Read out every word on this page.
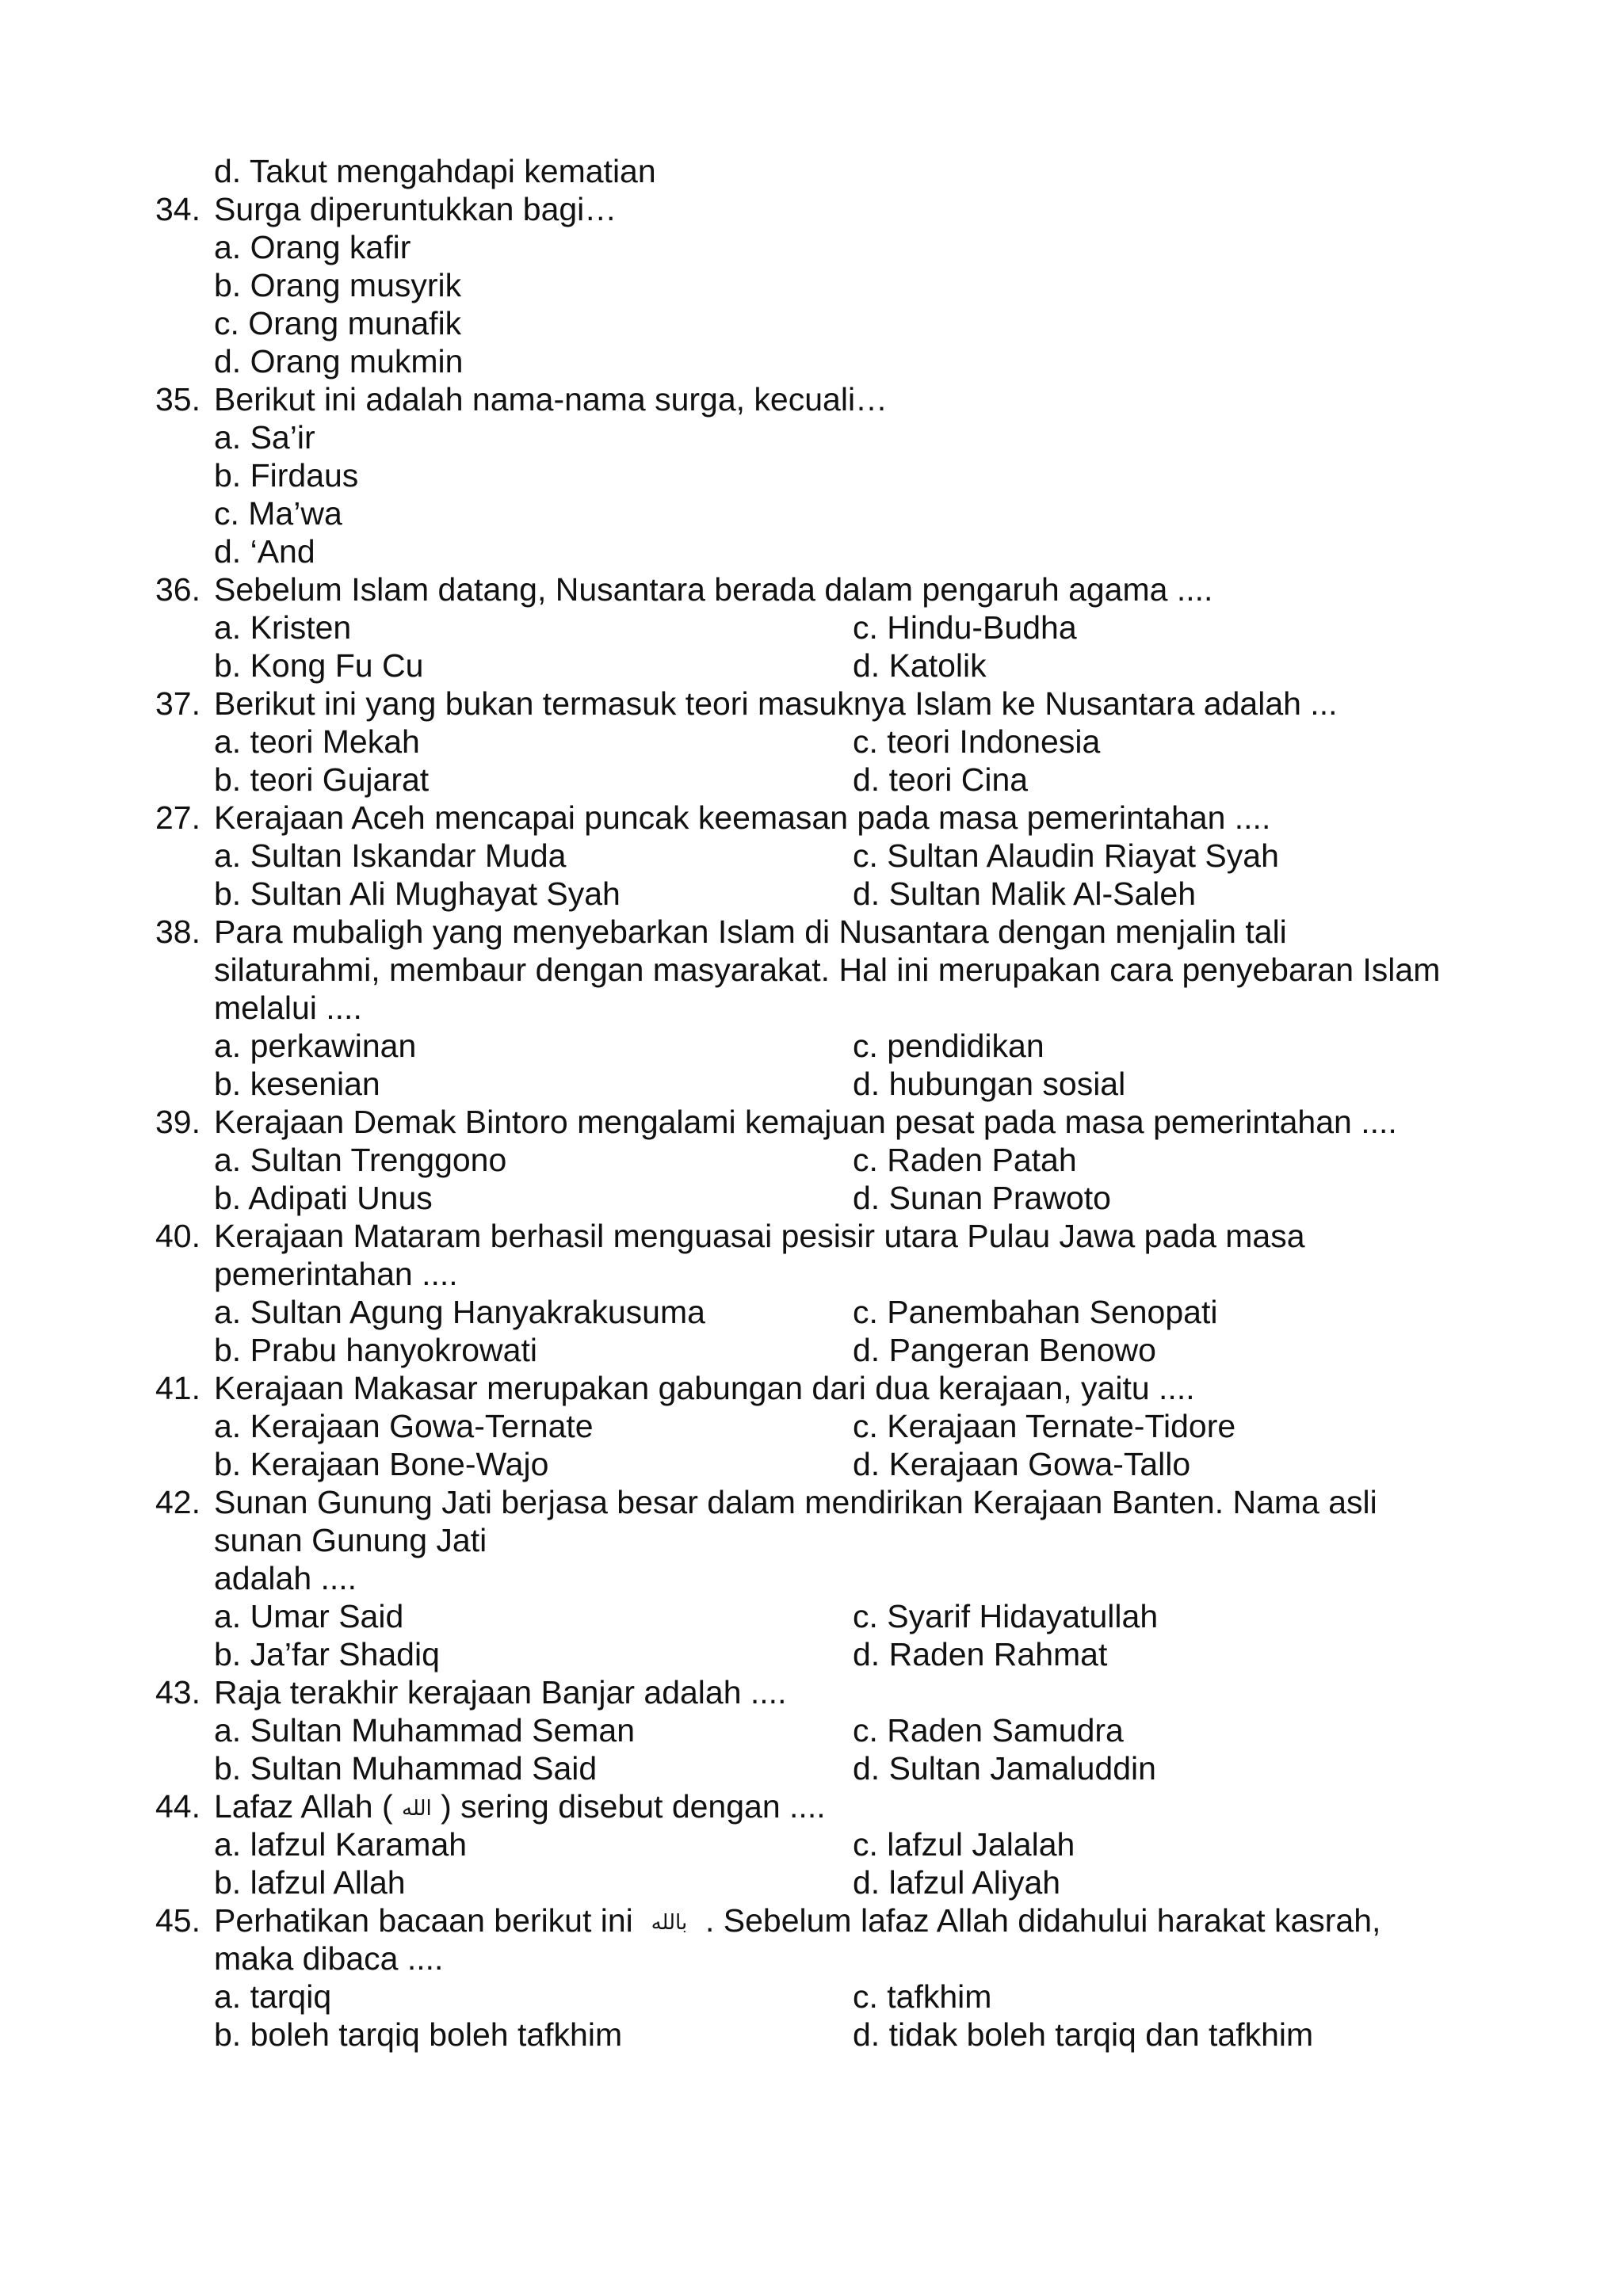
d. Takut mengahdapi kematian
34. Surga diperuntukkan bagi…
a. Orang kafir
b. Orang musyrik
c. Orang munafik
d. Orang mukmin
35. Berikut ini adalah nama-nama surga, kecuali…
a. Sa’ir
b. Firdaus
c. Ma’wa
d. ‘And
36. Sebelum Islam datang, Nusantara berada dalam pengaruh agama ....
a. Kristen	c. Hindu-Budha
b. Kong Fu Cu	d. Katolik
37. Berikut ini yang bukan termasuk teori masuknya Islam ke Nusantara adalah ...
a. teori Mekah	c. teori Indonesia
b. teori Gujarat	d. teori Cina
27. Kerajaan Aceh mencapai puncak keemasan pada masa pemerintahan ....
a. Sultan Iskandar Muda	c. Sultan Alaudin Riayat Syah
b. Sultan Ali Mughayat Syah	d. Sultan Malik Al-Saleh
38. Para mubaligh yang menyebarkan Islam di Nusantara dengan menjalin tali
silaturahmi, membaur dengan masyarakat. Hal ini merupakan cara penyebaran Islam
melalui ....
a. perkawinan	c. pendidikan
b. kesenian	d. hubungan sosial
39. Kerajaan Demak Bintoro mengalami kemajuan pesat pada masa pemerintahan ....
a. Sultan Trenggono	c. Raden Patah
b. Adipati Unus	d. Sunan Prawoto
40. Kerajaan Mataram berhasil menguasai pesisir utara Pulau Jawa pada masa
pemerintahan ....
a. Sultan Agung Hanyakrakusuma	c. Panembahan Senopati
b. Prabu hanyokrowati	d. Pangeran Benowo
41. Kerajaan Makasar merupakan gabungan dari dua kerajaan, yaitu ....
a. Kerajaan Gowa-Ternate	c. Kerajaan Ternate-Tidore
b. Kerajaan Bone-Wajo	d. Kerajaan Gowa-Tallo
42. Sunan Gunung Jati berjasa besar dalam mendirikan Kerajaan Banten. Nama asli
sunan Gunung Jati
adalah ....
a. Umar Said	c. Syarif Hidayatullah
b. Ja’far Shadiq	d. Raden Rahmat
43. Raja terakhir kerajaan Banjar adalah ....
a. Sultan Muhammad Seman	c. Raden Samudra
b. Sultan Muhammad Said	d. Sultan Jamaluddin
44. Lafaz Allah ( الله ) sering disebut dengan ....
a. lafzul Karamah	c. lafzul Jalalah
b. lafzul Allah	d. lafzul Aliyah
45. Perhatikan bacaan berikut ini  بالله  . Sebelum lafaz Allah didahului harakat kasrah,
maka dibaca ....
a. tarqiq	c. tafkhim
b. boleh tarqiq boleh tafkhim	d. tidak boleh tarqiq dan tafkhim
